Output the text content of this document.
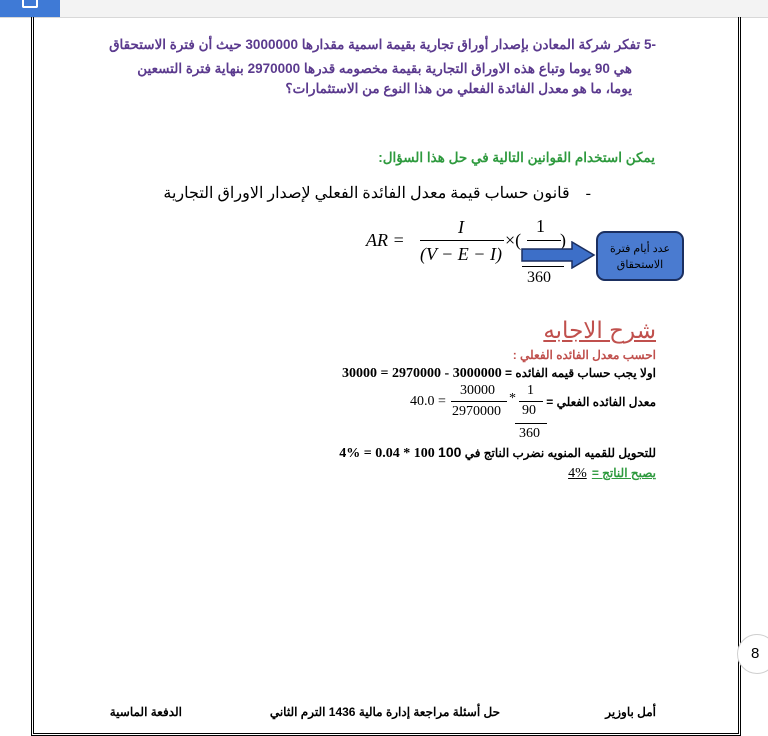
-5 تفكر شركة المعادن بإصدار أوراق تجارية بقيمة اسمية مقدارها 3000000 حيث أن فترة الاستحقاق
هي 90 يوما وتباع هذه الاوراق التجارية بقيمة مخصومه قدرها 2970000 بنهاية فترة التسعين
يوما، ما هو معدل الفائدة الفعلي من هذا النوع من الاستثمارات؟
يمكن استخدام القوانين التالية في حل هذا السؤال:
-    قانون حساب قيمة معدل الفائدة الفعلي لإصدار الاوراق التجارية
AR =
I
(V − E − I)
×(
1
)
360
عدد أيام فترة
الاستحقاق
شرح الاجابه
احسب معدل الفائده الفعلي :
اولا يجب حساب قيمه الفائده = 3000000 - 2970000 = 30000
معدل الفائده الفعلي =
= 0.04
30000
2970000
*
1
90
360
للتحويل للقميه المنويه نضرب الناتج في 100 100 * 0.04 = %4
يصبح الناتج = %4
8
أمل باوزير
حل أسئلة مراجعة إدارة مالية 1436 الترم الثاني
الدفعة الماسية
